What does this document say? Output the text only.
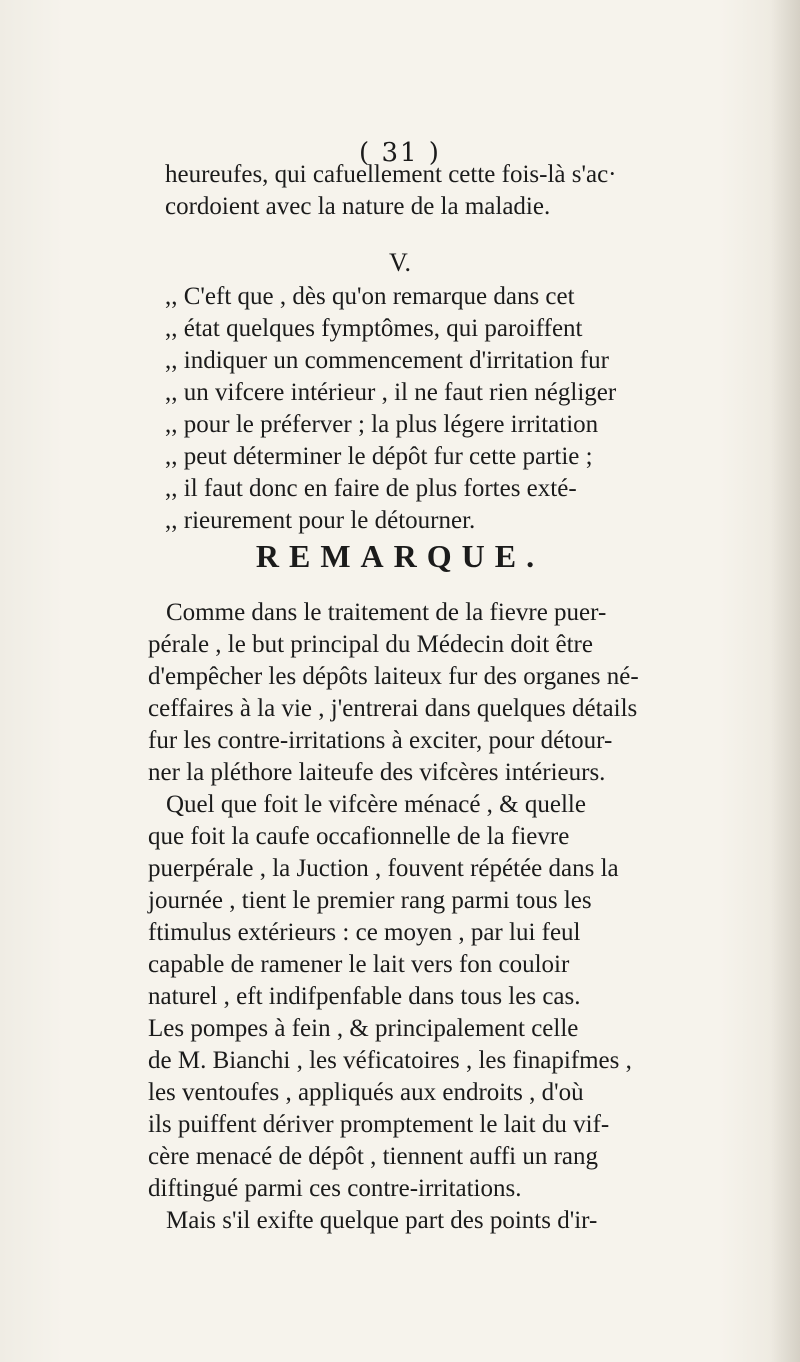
( 31 )
heureufes, qui cafuellement cette fois-là s'ac·
cordoient avec la nature de la maladie.
V.
,, C'eft que , dès qu'on remarque dans cet
,, état quelques fymptômes, qui paroiffent
,, indiquer un commencement d'irritation fur
,, un vifcere intérieur , il ne faut rien négliger
,, pour le préferver ; la plus légere irritation
,, peut déterminer le dépôt fur cette partie ;
,, il faut donc en faire de plus fortes exté-
,, rieurement pour le détourner.
REMARQUE.
Comme dans le traitement de la fievre puer-
pérale , le but principal du Médecin doit être
d'empêcher les dépôts laiteux fur des organes né-
ceffaires à la vie , j'entrerai dans quelques détails
fur les contre-irritations à exciter, pour détour-
ner la pléthore laiteufe des vifcères intérieurs.
Quel que foit le vifcère ménacé , & quelle
que foit la caufe occafionnelle de la fievre
puerpérale , la Juction , fouvent répétée dans la
journée , tient le premier rang parmi tous les
ftimulus extérieurs : ce moyen , par lui feul
capable de ramener le lait vers fon couloir
naturel , eft indifpenfable dans tous les cas.
Les pompes à fein , & principalement celle
de M. Bianchi , les véficatoires , les finapifmes ,
les ventoufes , appliqués aux endroits , d'où
ils puiffent dériver promptement le lait du vif-
cère menacé de dépôt , tiennent auffi un rang
diftingué parmi ces contre-irritations.
Mais s'il exifte quelque part des points d'ir-
